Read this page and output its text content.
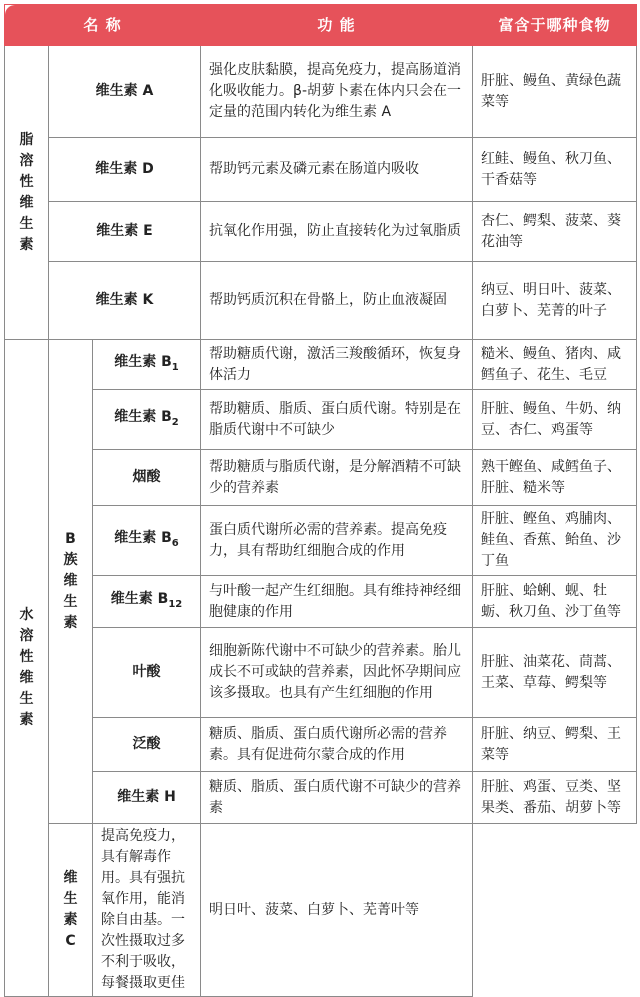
名 称			功 能	富含于哪种食物
脂溶性维生素	维生素 A		强化皮肤黏膜，提高免疫力，提高肠道消化吸收能力。β-胡萝卜素在体内只会在一定量的范围内转化为维生素 A	肝脏、鳗鱼、黄绿色蔬菜等
	维生素 D		帮助钙元素及磷元素在肠道内吸收	红鲑、鳗鱼、秋刀鱼、干香菇等
	维生素 E		抗氧化作用强，防止直接转化为过氧脂质	杏仁、鳄梨、菠菜、葵花油等
	维生素 K		帮助钙质沉积在骨骼上，防止血液凝固	纳豆、明日叶、菠菜、白萝卜、芜菁的叶子
水溶性维生素	B族维生素	维生素 $B_1$	帮助糖质代谢，激活三羧酸循环，恢复身体活力	糙米、鳗鱼、猪肉、咸鳕鱼子、花生、毛豆
		维生素 $B_2$	帮助糖质、脂质、蛋白质代谢。特别是在脂质代谢中不可缺少	肝脏、鳗鱼、牛奶、纳豆、杏仁、鸡蛋等
		烟酸	帮助糖质与脂质代谢，是分解酒精不可缺少的营养素	熟干鲣鱼、咸鳕鱼子、肝脏、糙米等
		维生素 $B_6$	蛋白质代谢所必需的营养素。提高免疫力，具有帮助红细胞合成的作用	肝脏、鲣鱼、鸡脯肉、鲑鱼、香蕉、鲐鱼、沙丁鱼
		维生素 $B_{12}$	与叶酸一起产生红细胞。具有维持神经细胞健康的作用	肝脏、蛤蜊、蚬、牡蛎、秋刀鱼、沙丁鱼等
		叶酸	细胞新陈代谢中不可缺少的营养素。胎儿成长不可或缺的营养素，因此怀孕期间应该多摄取。也具有产生红细胞的作用	肝脏、油菜花、茼蒿、王菜、草莓、鳄梨等
		泛酸	糖质、脂质、蛋白质代谢所必需的营养素。具有促进荷尔蒙合成的作用	肝脏、纳豆、鳄梨、王菜等
		维生素 H	糖质、脂质、蛋白质代谢不可缺少的营养素	肝脏、鸡蛋、豆类、坚果类、番茄、胡萝卜等
	维生素 C	提高免疫力，具有解毒作用。具有强抗氧作用，能消除自由基。一次性摄取过多不利于吸收，每餐摄取更佳	明日叶、菠菜、白萝卜、芜菁叶等	
